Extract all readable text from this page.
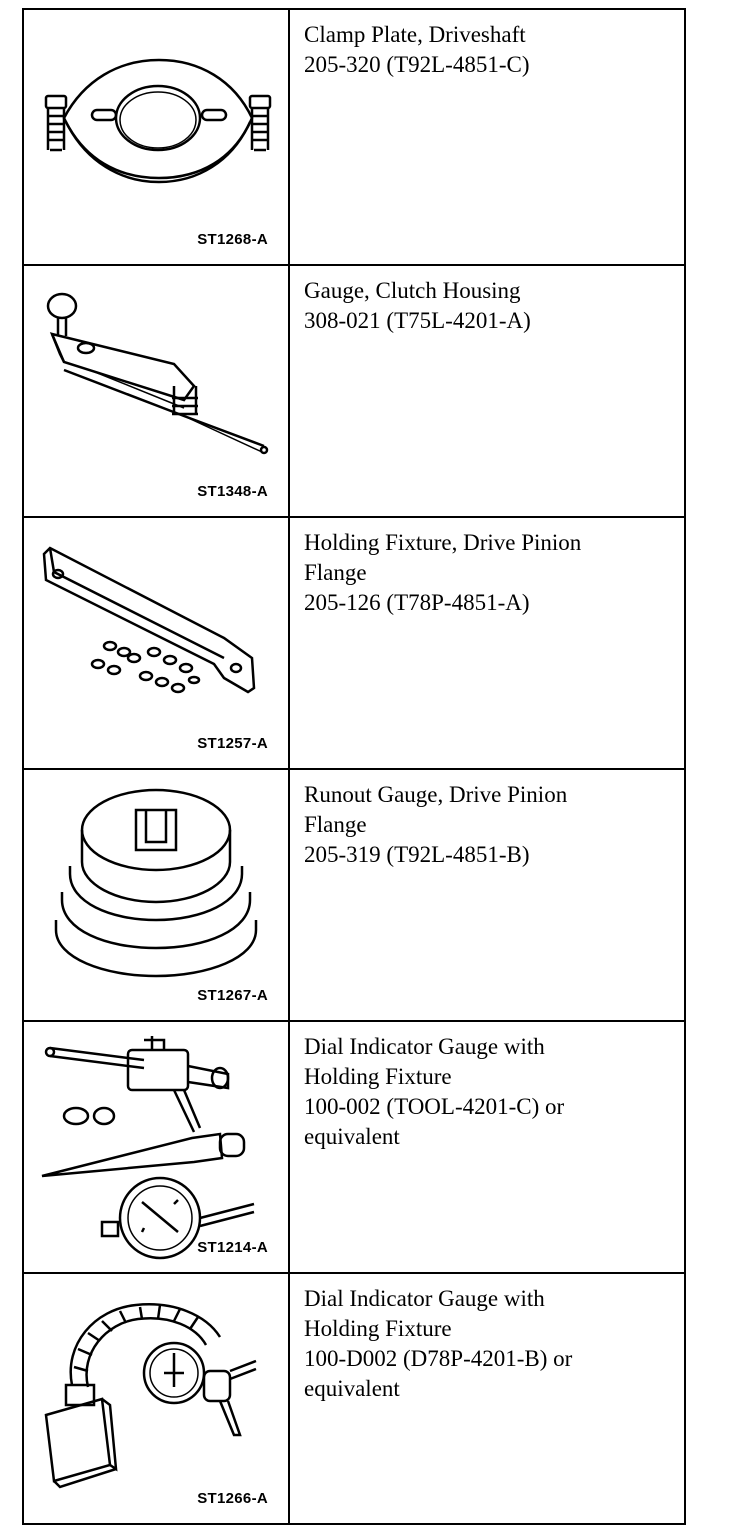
ST1268-A
Clamp Plate, Driveshaft
205-320 (T92L-4851-C)
ST1348-A
Gauge, Clutch Housing
308-021 (T75L-4201-A)
ST1257-A
Holding Fixture, Drive Pinion
Flange
205-126 (T78P-4851-A)
ST1267-A
Runout Gauge, Drive Pinion
Flange
205-319 (T92L-4851-B)
ST1214-A
Dial Indicator Gauge with
Holding Fixture
100-002 (TOOL-4201-C) or
equivalent
ST1266-A
Dial Indicator Gauge with
Holding Fixture
100-D002 (D78P-4201-B) or
equivalent
